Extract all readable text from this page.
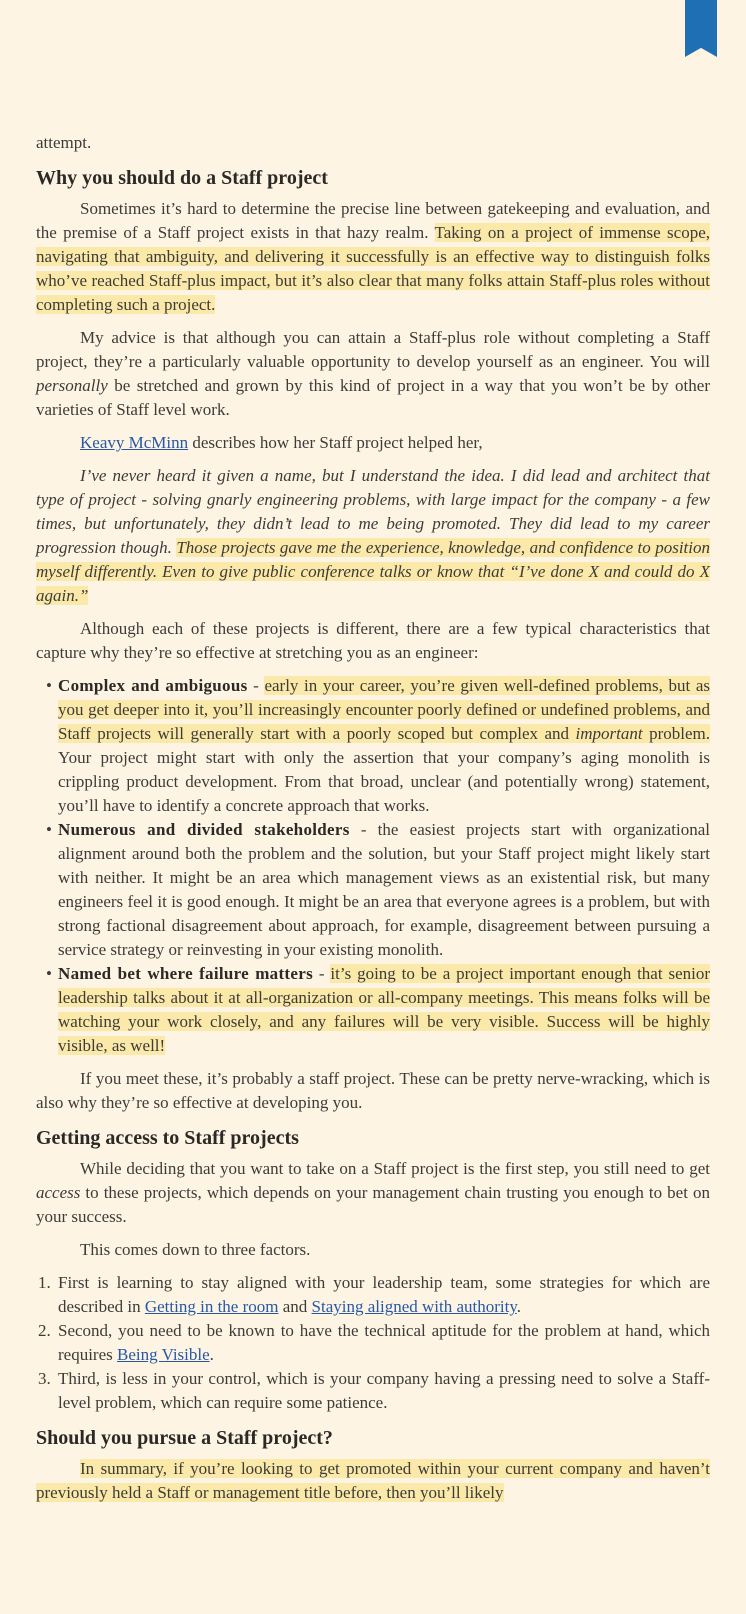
attempt.
Why you should do a Staff project

Sometimes it’s hard to determine the precise line between gatekeeping and evaluation, and the premise of a Staff project exists in that hazy realm. Taking on a project of immense scope, navigating that ambiguity, and delivering it successfully is an effective way to distinguish folks who’ve reached Staff-plus impact, but it’s also clear that many folks attain Staff-plus roles without completing such a project.

My advice is that although you can attain a Staff-plus role without completing a Staff project, they’re a particularly valuable opportunity to develop yourself as an engineer. You will personally be stretched and grown by this kind of project in a way that you won’t be by other varieties of Staff level work.

Keavy McMinn describes how her Staff project helped her,

I’ve never heard it given a name, but I understand the idea. I did lead and architect that type of project - solving gnarly engineering problems, with large impact for the company - a few times, but unfortunately, they didn’t lead to me being promoted. They did lead to my career progression though. Those projects gave me the experience, knowledge, and confidence to position myself differently. Even to give public conference talks or know that “I’ve done X and could do X again.”

Although each of these projects is different, there are a few typical characteristics that capture why they’re so effective at stretching you as an engineer:

• Complex and ambiguous - early in your career, you’re given well-defined problems, but as you get deeper into it, you’ll increasingly encounter poorly defined or undefined problems, and Staff projects will generally start with a poorly scoped but complex and important problem. Your project might start with only the assertion that your company’s aging monolith is crippling product development. From that broad, unclear (and potentially wrong) statement, you’ll have to identify a concrete approach that works.
• Numerous and divided stakeholders - the easiest projects start with organizational alignment around both the problem and the solution, but your Staff project might likely start with neither. It might be an area which management views as an existential risk, but many engineers feel it is good enough. It might be an area that everyone agrees is a problem, but with strong factional disagreement about approach, for example, disagreement between pursuing a service strategy or reinvesting in your existing monolith.
• Named bet where failure matters - it’s going to be a project important enough that senior leadership talks about it at all-organization or all-company meetings. This means folks will be watching your work closely, and any failures will be very visible. Success will be highly visible, as well!

If you meet these, it’s probably a staff project. These can be pretty nerve-wracking, which is also why they’re so effective at developing you.

Getting access to Staff projects

While deciding that you want to take on a Staff project is the first step, you still need to get access to these projects, which depends on your management chain trusting you enough to bet on your success.

This comes down to three factors.

1. First is learning to stay aligned with your leadership team, some strategies for which are described in Getting in the room and Staying aligned with authority.
2. Second, you need to be known to have the technical aptitude for the problem at hand, which requires Being Visible.
3. Third, is less in your control, which is your company having a pressing need to solve a Staff-level problem, which can require some patience.
Should you pursue a Staff project?

In summary, if you’re looking to get promoted within your current company and haven’t previously held a Staff or management title before, then you’ll likely
